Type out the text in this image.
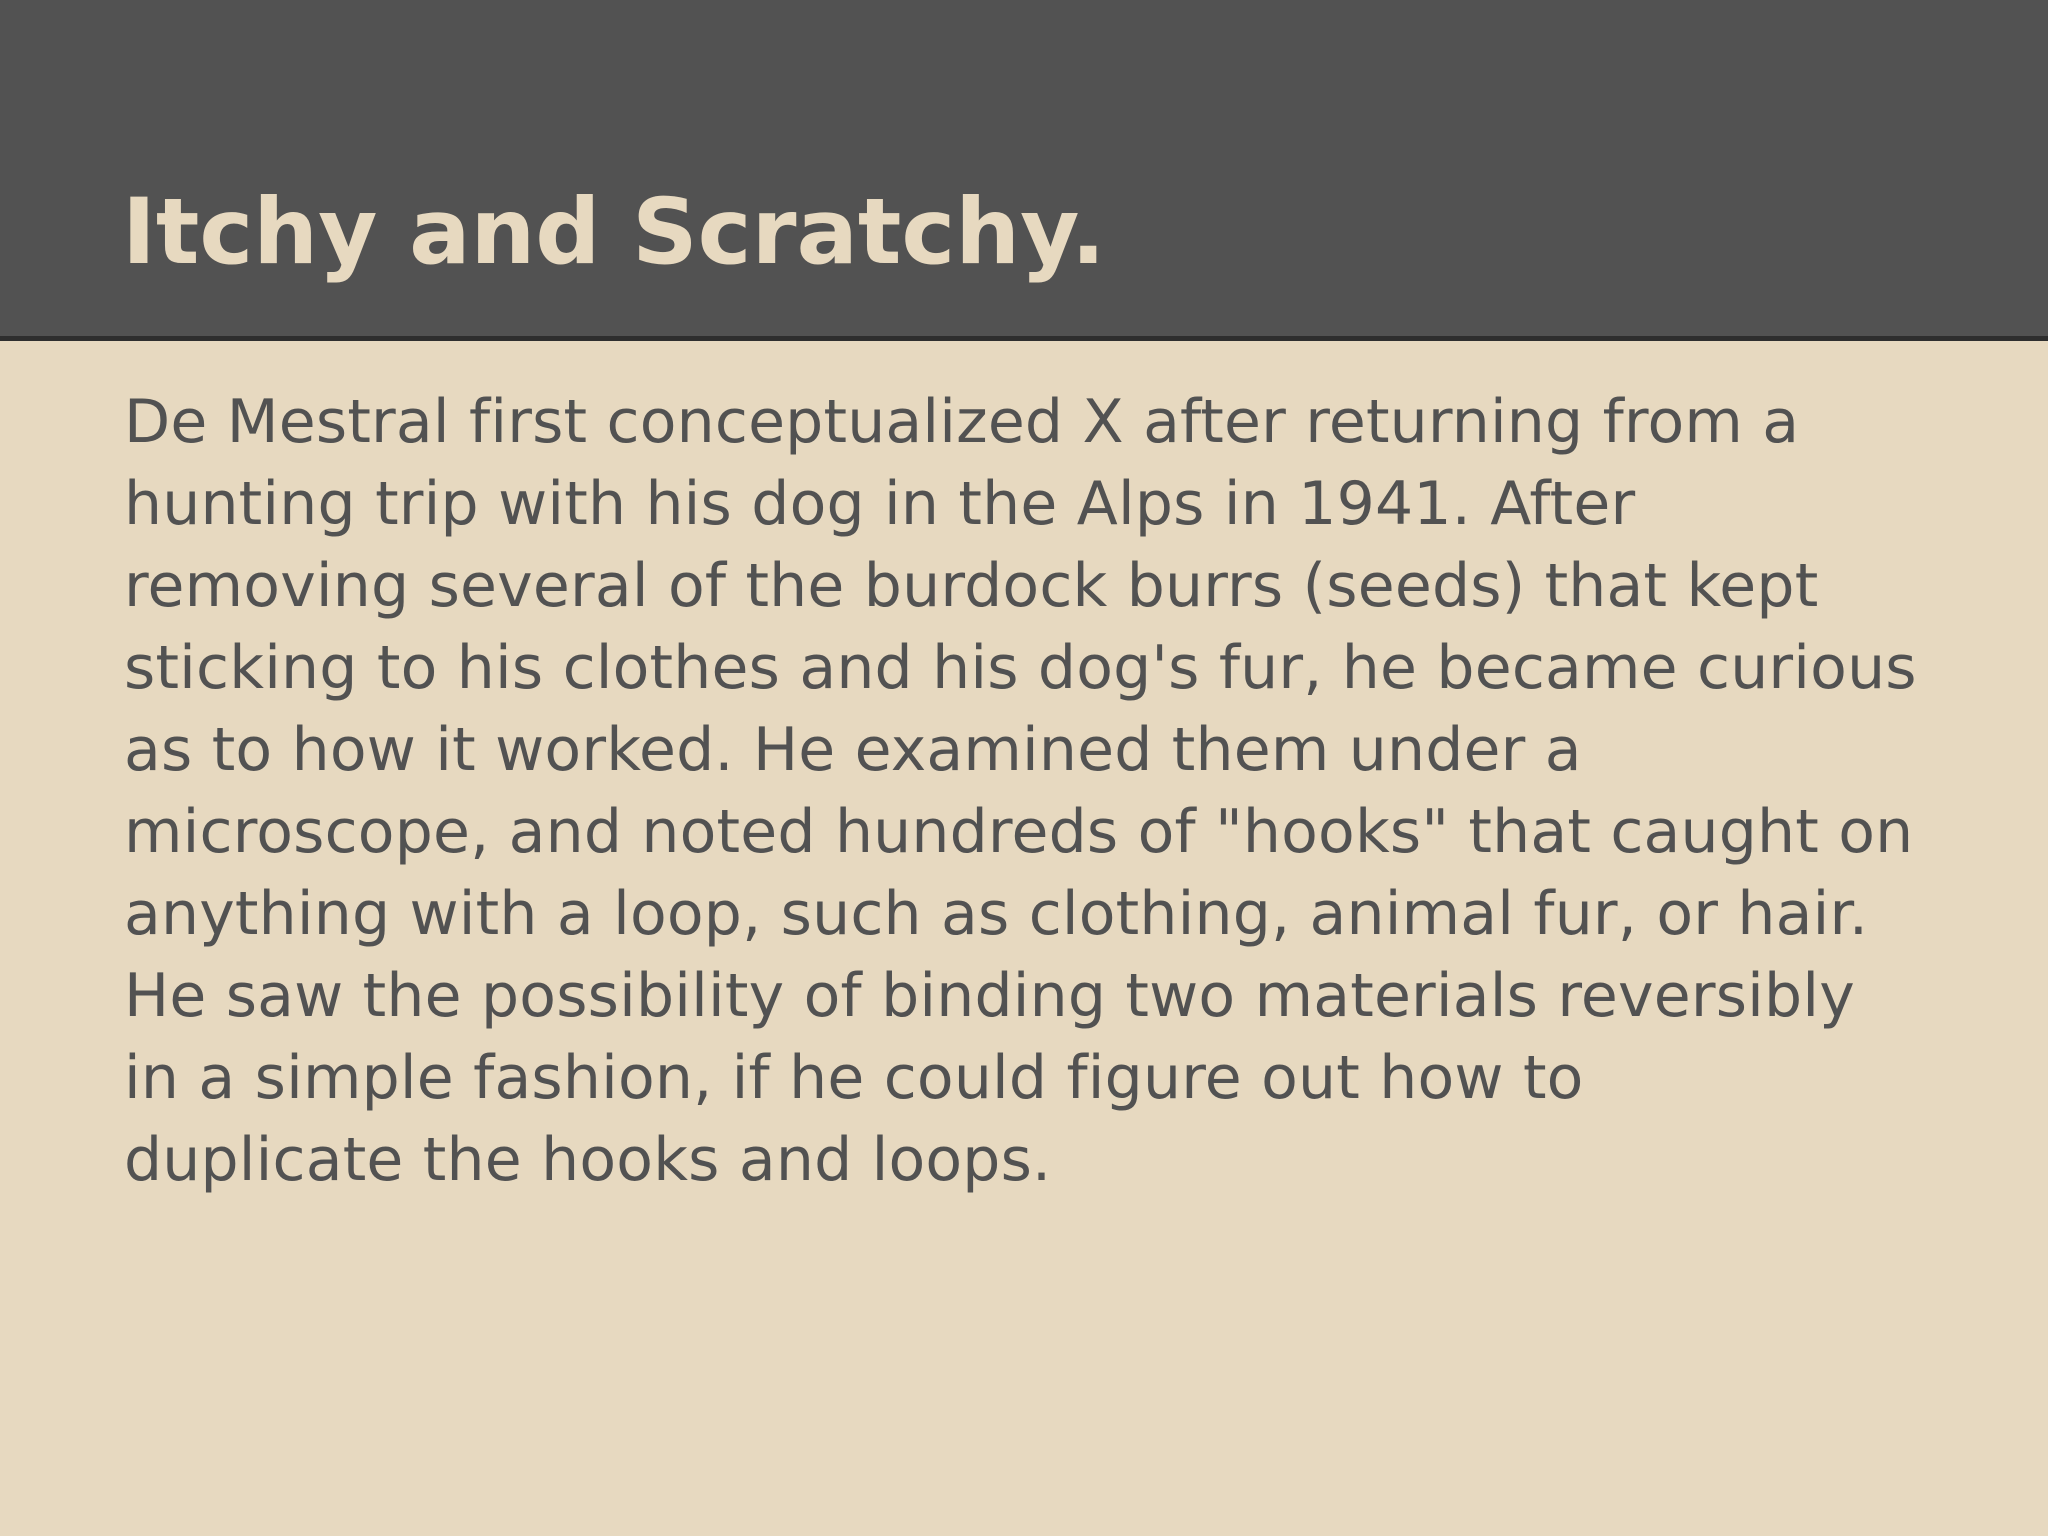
Itchy and Scratchy.
De Mestral first conceptualized X after returning from a
hunting trip with his dog in the Alps in 1941. After
removing several of the burdock burrs (seeds) that kept
sticking to his clothes and his dog's fur, he became curious
as to how it worked. He examined them under a
microscope, and noted hundreds of "hooks" that caught on
anything with a loop, such as clothing, animal fur, or hair.
He saw the possibility of binding two materials reversibly
in a simple fashion, if he could figure out how to
duplicate the hooks and loops.
